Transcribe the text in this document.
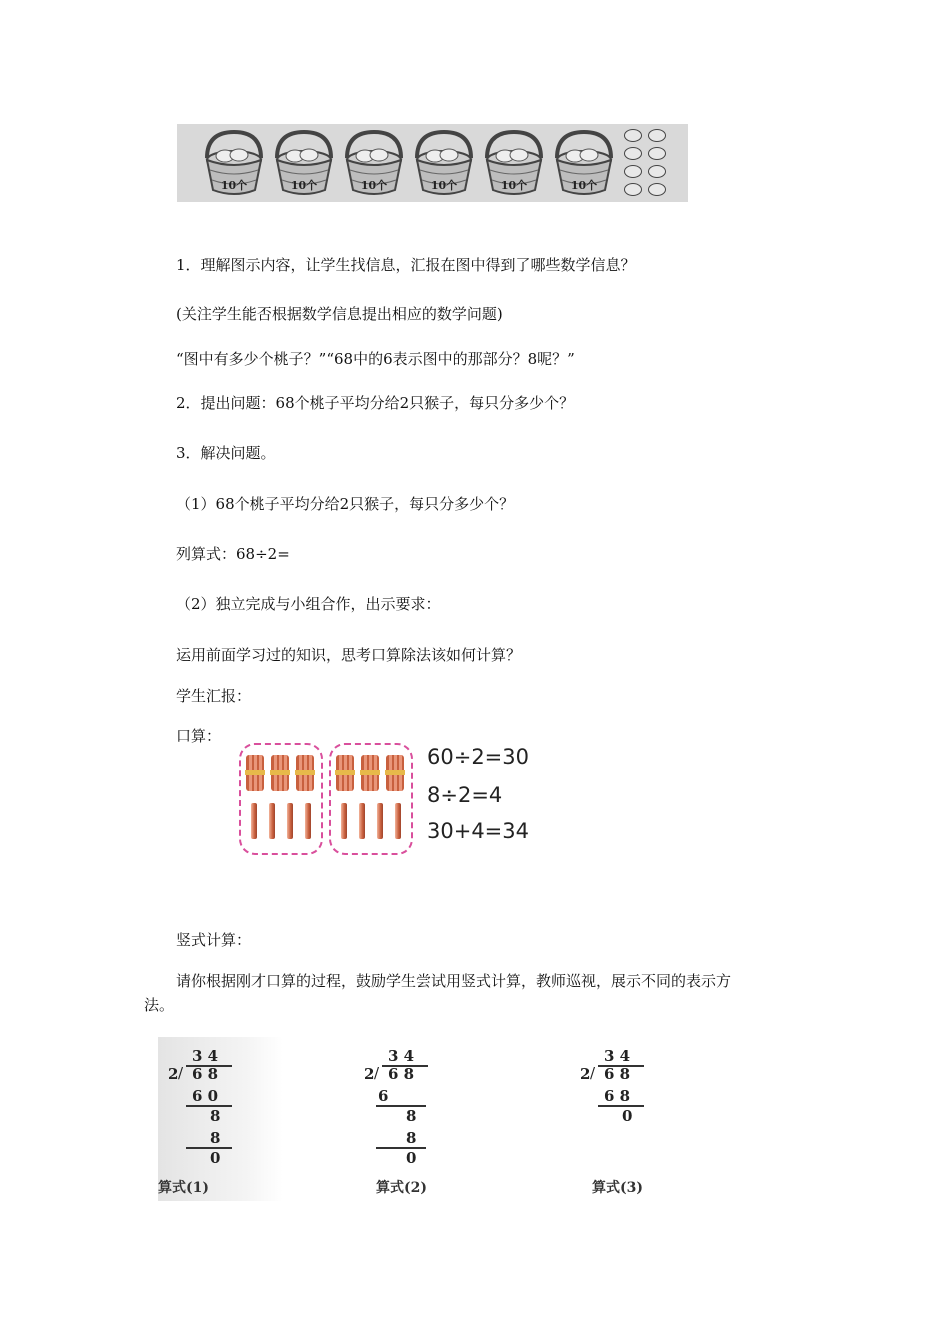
10个	10个	10个	10个	10个	10个
1．理解图示内容，让学生找信息，汇报在图中得到了哪些数学信息？
(关注学生能否根据数学信息提出相应的数学问题)
“图中有多少个桃子？”“68中的6表示图中的那部分？8呢？”
2．提出问题：68个桃子平均分给2只猴子，每只分多少个？
3．解决问题。
（1）68个桃子平均分给2只猴子，每只分多少个？
列算式：68÷2=
（2）独立完成与小组合作，出示要求：
运用前面学习过的知识，思考口算除法该如何计算？
学生汇报：
口算：
60÷2=30
8÷2=4
30+4=34
竖式计算：
请你根据刚才口算的过程，鼓励学生尝试用竖式计算，教师巡视，展示不同的表示方
法。
3 4
2 / 6 8
6 0
8
8
0
算式(1)
3 4
2 / 6 8
6
8
8
0
算式(2)
3 4
2 / 6 8
6 8
0
算式(3)
